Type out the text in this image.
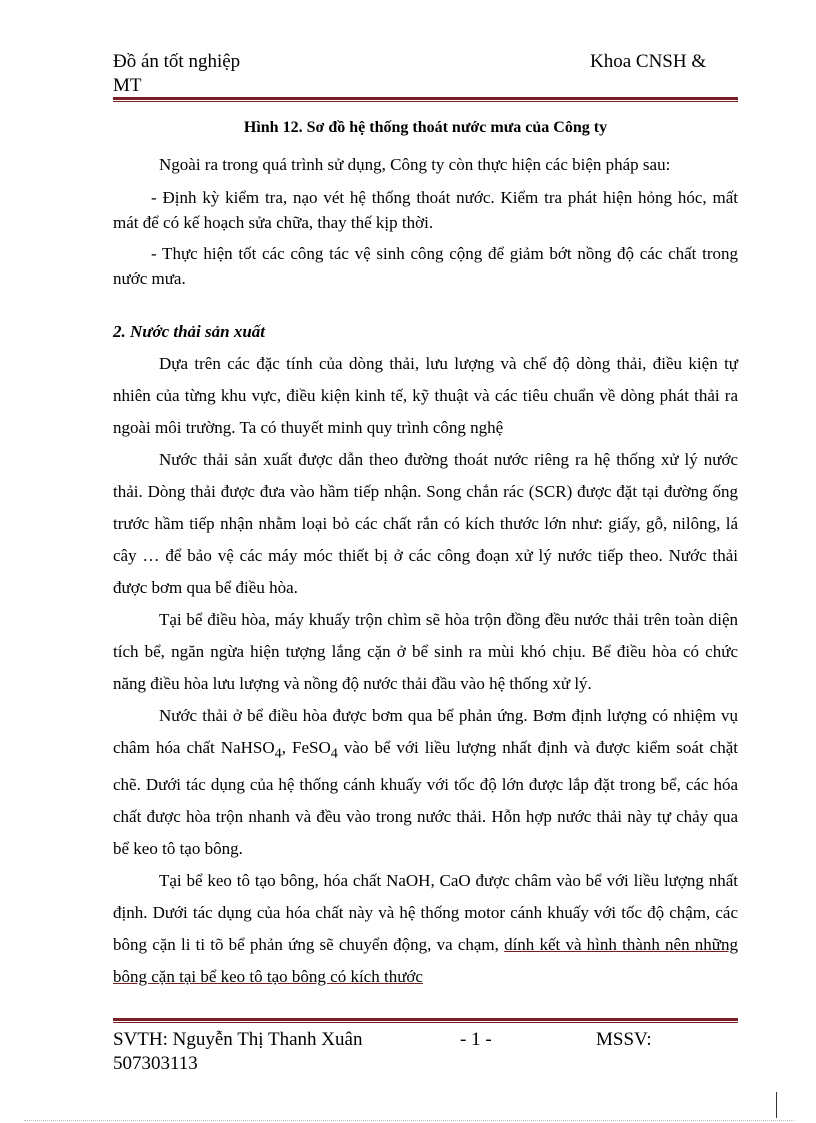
Đồ án tốt nghiệp
MT
Khoa CNSH &
Hình 12. Sơ đồ hệ thống thoát nước mưa của Công ty

Ngoài ra trong quá trình sử dụng, Công ty còn thực hiện các biện pháp sau:

- Định kỳ kiểm tra, nạo vét hệ thống thoát nước. Kiểm tra phát hiện hỏng hóc, mất mát để có kế hoạch sửa chữa, thay thế kịp thời.

- Thực hiện tốt các công tác vệ sinh công cộng để giảm bớt nồng độ các chất trong nước mưa.

2. Nước thải sản xuất

Dựa trên các đặc tính của dòng thải, lưu lượng và chế độ dòng thải, điều kiện tự nhiên của từng khu vực, điều kiện kinh tế, kỹ thuật và các tiêu chuẩn về dòng phát thải ra ngoài môi trường. Ta có thuyết minh quy trình công nghệ

Nước thải sản xuất được dẫn theo đường thoát nước riêng ra hệ thống xử lý nước thải. Dòng thải được đưa vào hầm tiếp nhận. Song chắn rác (SCR) được đặt tại đường ống trước hầm tiếp nhận nhằm loại bỏ các chất rắn có kích thước lớn như: giấy, gỗ, nilông, lá cây … để bảo vệ các máy móc thiết bị ở các công đoạn xử lý nước tiếp theo. Nước thải được bơm qua bể điều hòa.

Tại bể điều hòa, máy khuấy trộn chìm sẽ hòa trộn đồng đều nước thải trên toàn diện tích bể, ngăn ngừa hiện tượng lắng cặn ở bể sinh ra mùi khó chịu. Bể điều hòa có chức năng điều hòa lưu lượng và nồng độ nước thải đầu vào hệ thống xử lý.

Nước thải ở bể điều hòa được bơm qua bể phản ứng. Bơm định lượng có nhiệm vụ châm hóa chất NaHSO$_4$, FeSO$_4$ vào bể với liều lượng nhất định và được kiểm soát chặt chẽ. Dưới tác dụng của hệ thống cánh khuấy với tốc độ lớn được lắp đặt trong bể, các hóa chất được hòa trộn nhanh và đều vào trong nước thải. Hỗn hợp nước thải này tự chảy qua bể keo tô tạo bông.

Tại bể keo tô tạo bông, hóa chất NaOH, CaO được châm vào bể với liều lượng nhất định. Dưới tác dụng của hóa chất này và hệ thống motor cánh khuấy với tốc độ chậm, các bông cặn li ti tõ bể phản ứng sẽ chuyển động, va chạm, dính kết và hình thành nên những bông cặn tại bể keo tô tạo bông có kích thước

SVTH: Nguyễn Thị Thanh Xuân	- 1 -	MSSV:
507303113
